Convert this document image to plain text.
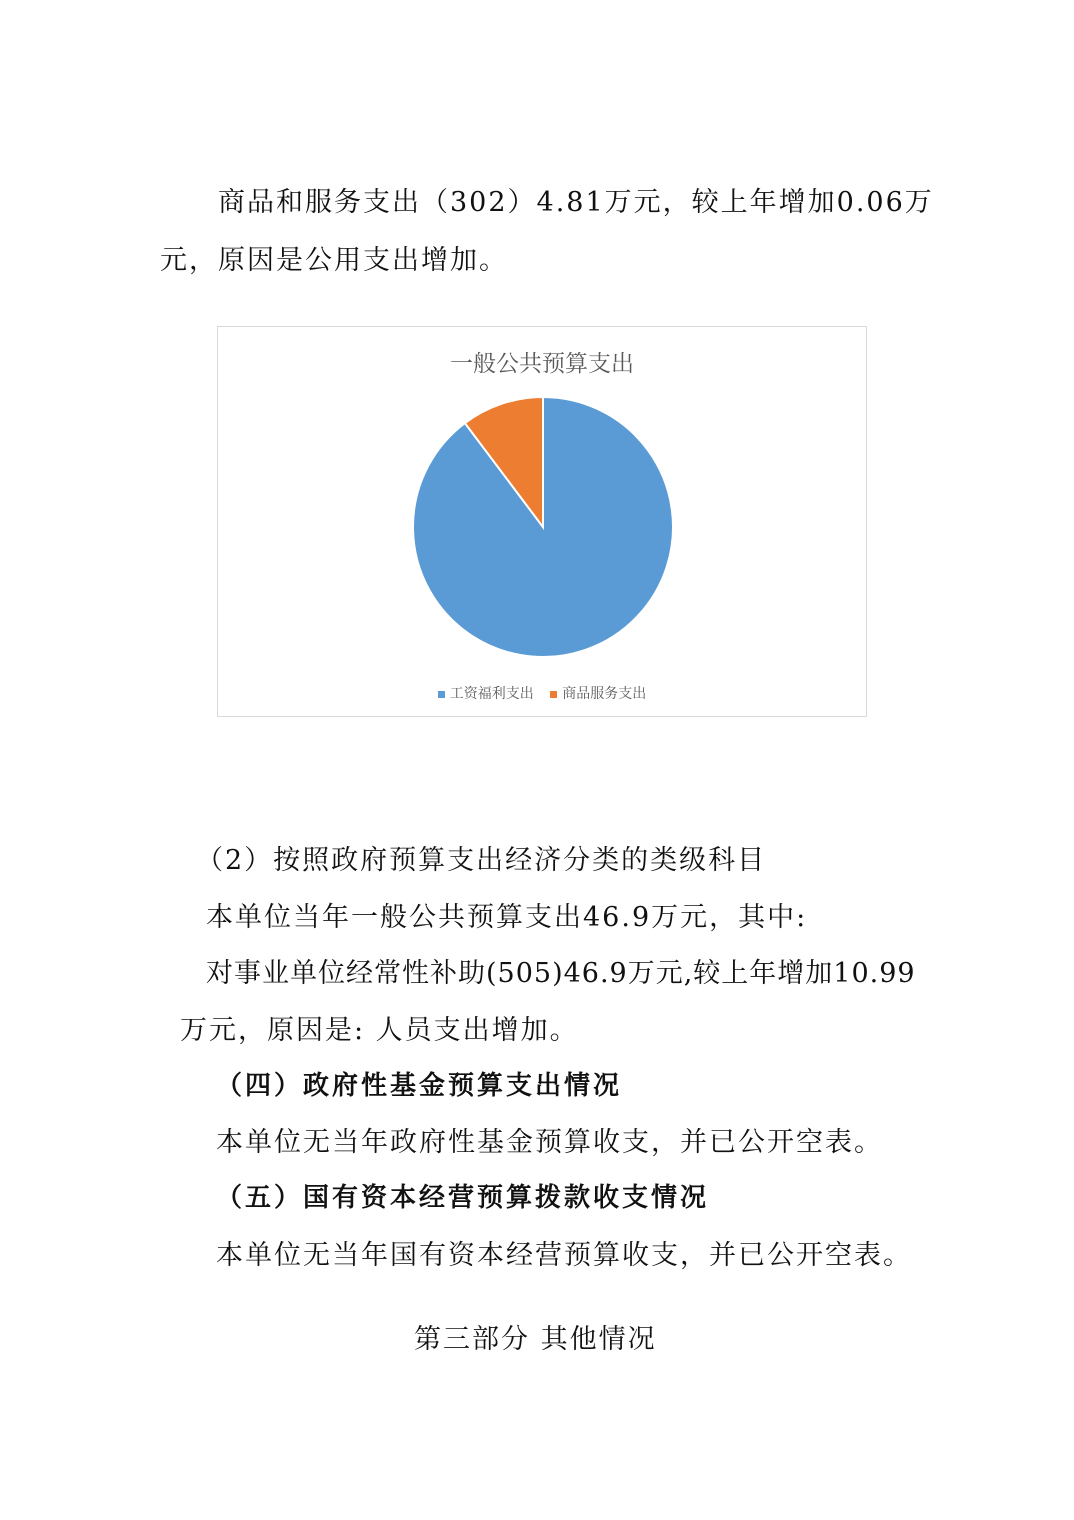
商品和服务支出（302）4.81万元，较上年增加0.06万
元，原因是公用支出增加。
一般公共预算支出
工资福利支出 商品服务支出
（2）按照政府预算支出经济分类的类级科目
本单位当年一般公共预算支出46.9万元，其中:
对事业单位经常性补助(505)46.9万元,较上年增加10.99
万元，原因是: 人员支出增加。
（四）政府性基金预算支出情况
本单位无当年政府性基金预算收支，并已公开空表。
（五）国有资本经营预算拨款收支情况
本单位无当年国有资本经营预算收支，并已公开空表。
第三部分 其他情况
